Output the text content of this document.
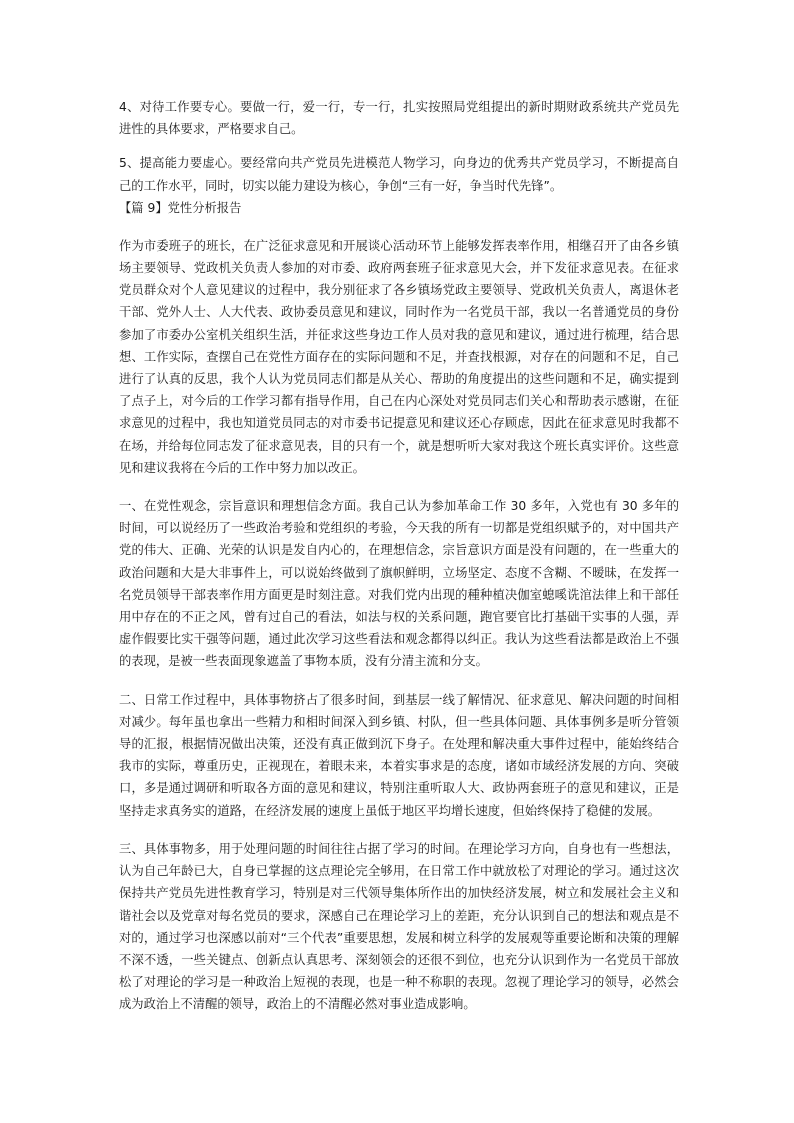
4、对待工作要专心。要做一行，爱一行，专一行，扎实按照局党组提出的新时期财政系统共产党员先进性的具体要求，严格要求自己。

5、提高能力要虚心。要经常向共产党员先进模范人物学习，向身边的优秀共产党员学习，不断提高自己的工作水平，同时，切实以能力建设为核心，争创“三有一好，争当时代先锋”。

【篇 9】党性分析报告

作为市委班子的班长，在广泛征求意见和开展谈心活动环节上能够发挥表率作用，相继召开了由各乡镇场主要领导、党政机关负责人参加的对市委、政府两套班子征求意见大会，并下发征求意见表。在征求党员群众对个人意见建议的过程中，我分别征求了各乡镇场党政主要领导、党政机关负责人，离退休老干部、党外人士、人大代表、政协委员意见和建议，同时作为一名党员干部，我以一名普通党员的身份参加了市委办公室机关组织生活，并征求这些身边工作人员对我的意见和建议，通过进行梳理，结合思想、工作实际，查摆自己在党性方面存在的实际问题和不足，并查找根源，对存在的问题和不足，自己进行了认真的反思，我个人认为党员同志们都是从关心、帮助的角度提出的这些问题和不足，确实提到了点子上，对今后的工作学习都有指导作用，自己在内心深处对党员同志们关心和帮助表示感谢，在征求意见的过程中，我也知道党员同志的对市委书记提意见和建议还心存顾虑，因此在征求意见时我都不在场，并给每位同志发了征求意见表，目的只有一个，就是想听听大家对我这个班长真实评价。这些意见和建议我将在今后的工作中努力加以改正。

一、在党性观念，宗旨意识和理想信念方面。我自己认为参加革命工作 30 多年，入党也有 30 多年的时间，可以说经历了一些政治考验和党组织的考验，今天我的所有一切都是党组织赋予的，对中国共产党的伟大、正确、光荣的认识是发自内心的，在理想信念，宗旨意识方面是没有问题的，在一些重大的政治问题和大是大非事件上，可以说始终做到了旗帜鲜明，立场坚定、态度不含糊、不暧昧，在发挥一名党员领导干部表率作用方面更是时刻注意。对我们党内出现的種种植决伽室螅嗘诜涫法律上和干部任用中存在的不正之风，曾有过自己的看法，如法与权的关系问题，跑官要官比打基础干实事的人强，弄虚作假要比实干强等问题，通过此次学习这些看法和观念都得以纠正。我认为这些看法都是政治上不强的表现，是被一些表面现象遮盖了事物本质，没有分清主流和分支。

二、日常工作过程中，具体事物挤占了很多时间，到基层一线了解情况、征求意见、解决问题的时间相对减少。每年虽也拿出一些精力和相时间深入到乡镇、村队，但一些具体问题、具体事例多是听分管领导的汇报，根据情况做出决策，还没有真正做到沉下身子。在处理和解决重大事件过程中，能始终结合我市的实际，尊重历史，正视现在，着眼未来，本着实事求是的态度，诸如市域经济发展的方向、突破口，多是通过调研和听取各方面的意见和建议，特别注重听取人大、政协两套班子的意见和建议，正是坚持走求真务实的道路，在经济发展的速度上虽低于地区平均增长速度，但始终保持了稳健的发展。

三、具体事物多，用于处理问题的时间往往占据了学习的时间。在理论学习方向，自身也有一些想法，认为自己年龄已大，自身已掌握的这点理论完全够用，在日常工作中就放松了对理论的学习。通过这次保持共产党员先进性教育学习，特别是对三代领导集体所作出的加快经济发展，树立和发展社会主义和谐社会以及党章对每名党员的要求，深感自己在理论学习上的差距，充分认识到自己的想法和观点是不对的，通过学习也深感以前对“三个代表”重要思想，发展和树立科学的发展观等重要论断和决策的理解不深不透，一些关键点、创新点认真思考、深刻领会的还很不到位，也充分认识到作为一名党员干部放松了对理论的学习是一种政治上短视的表现，也是一种不称职的表现。忽视了理论学习的领导，必然会成为政治上不清醒的领导，政治上的不清醒必然对事业造成影响。
